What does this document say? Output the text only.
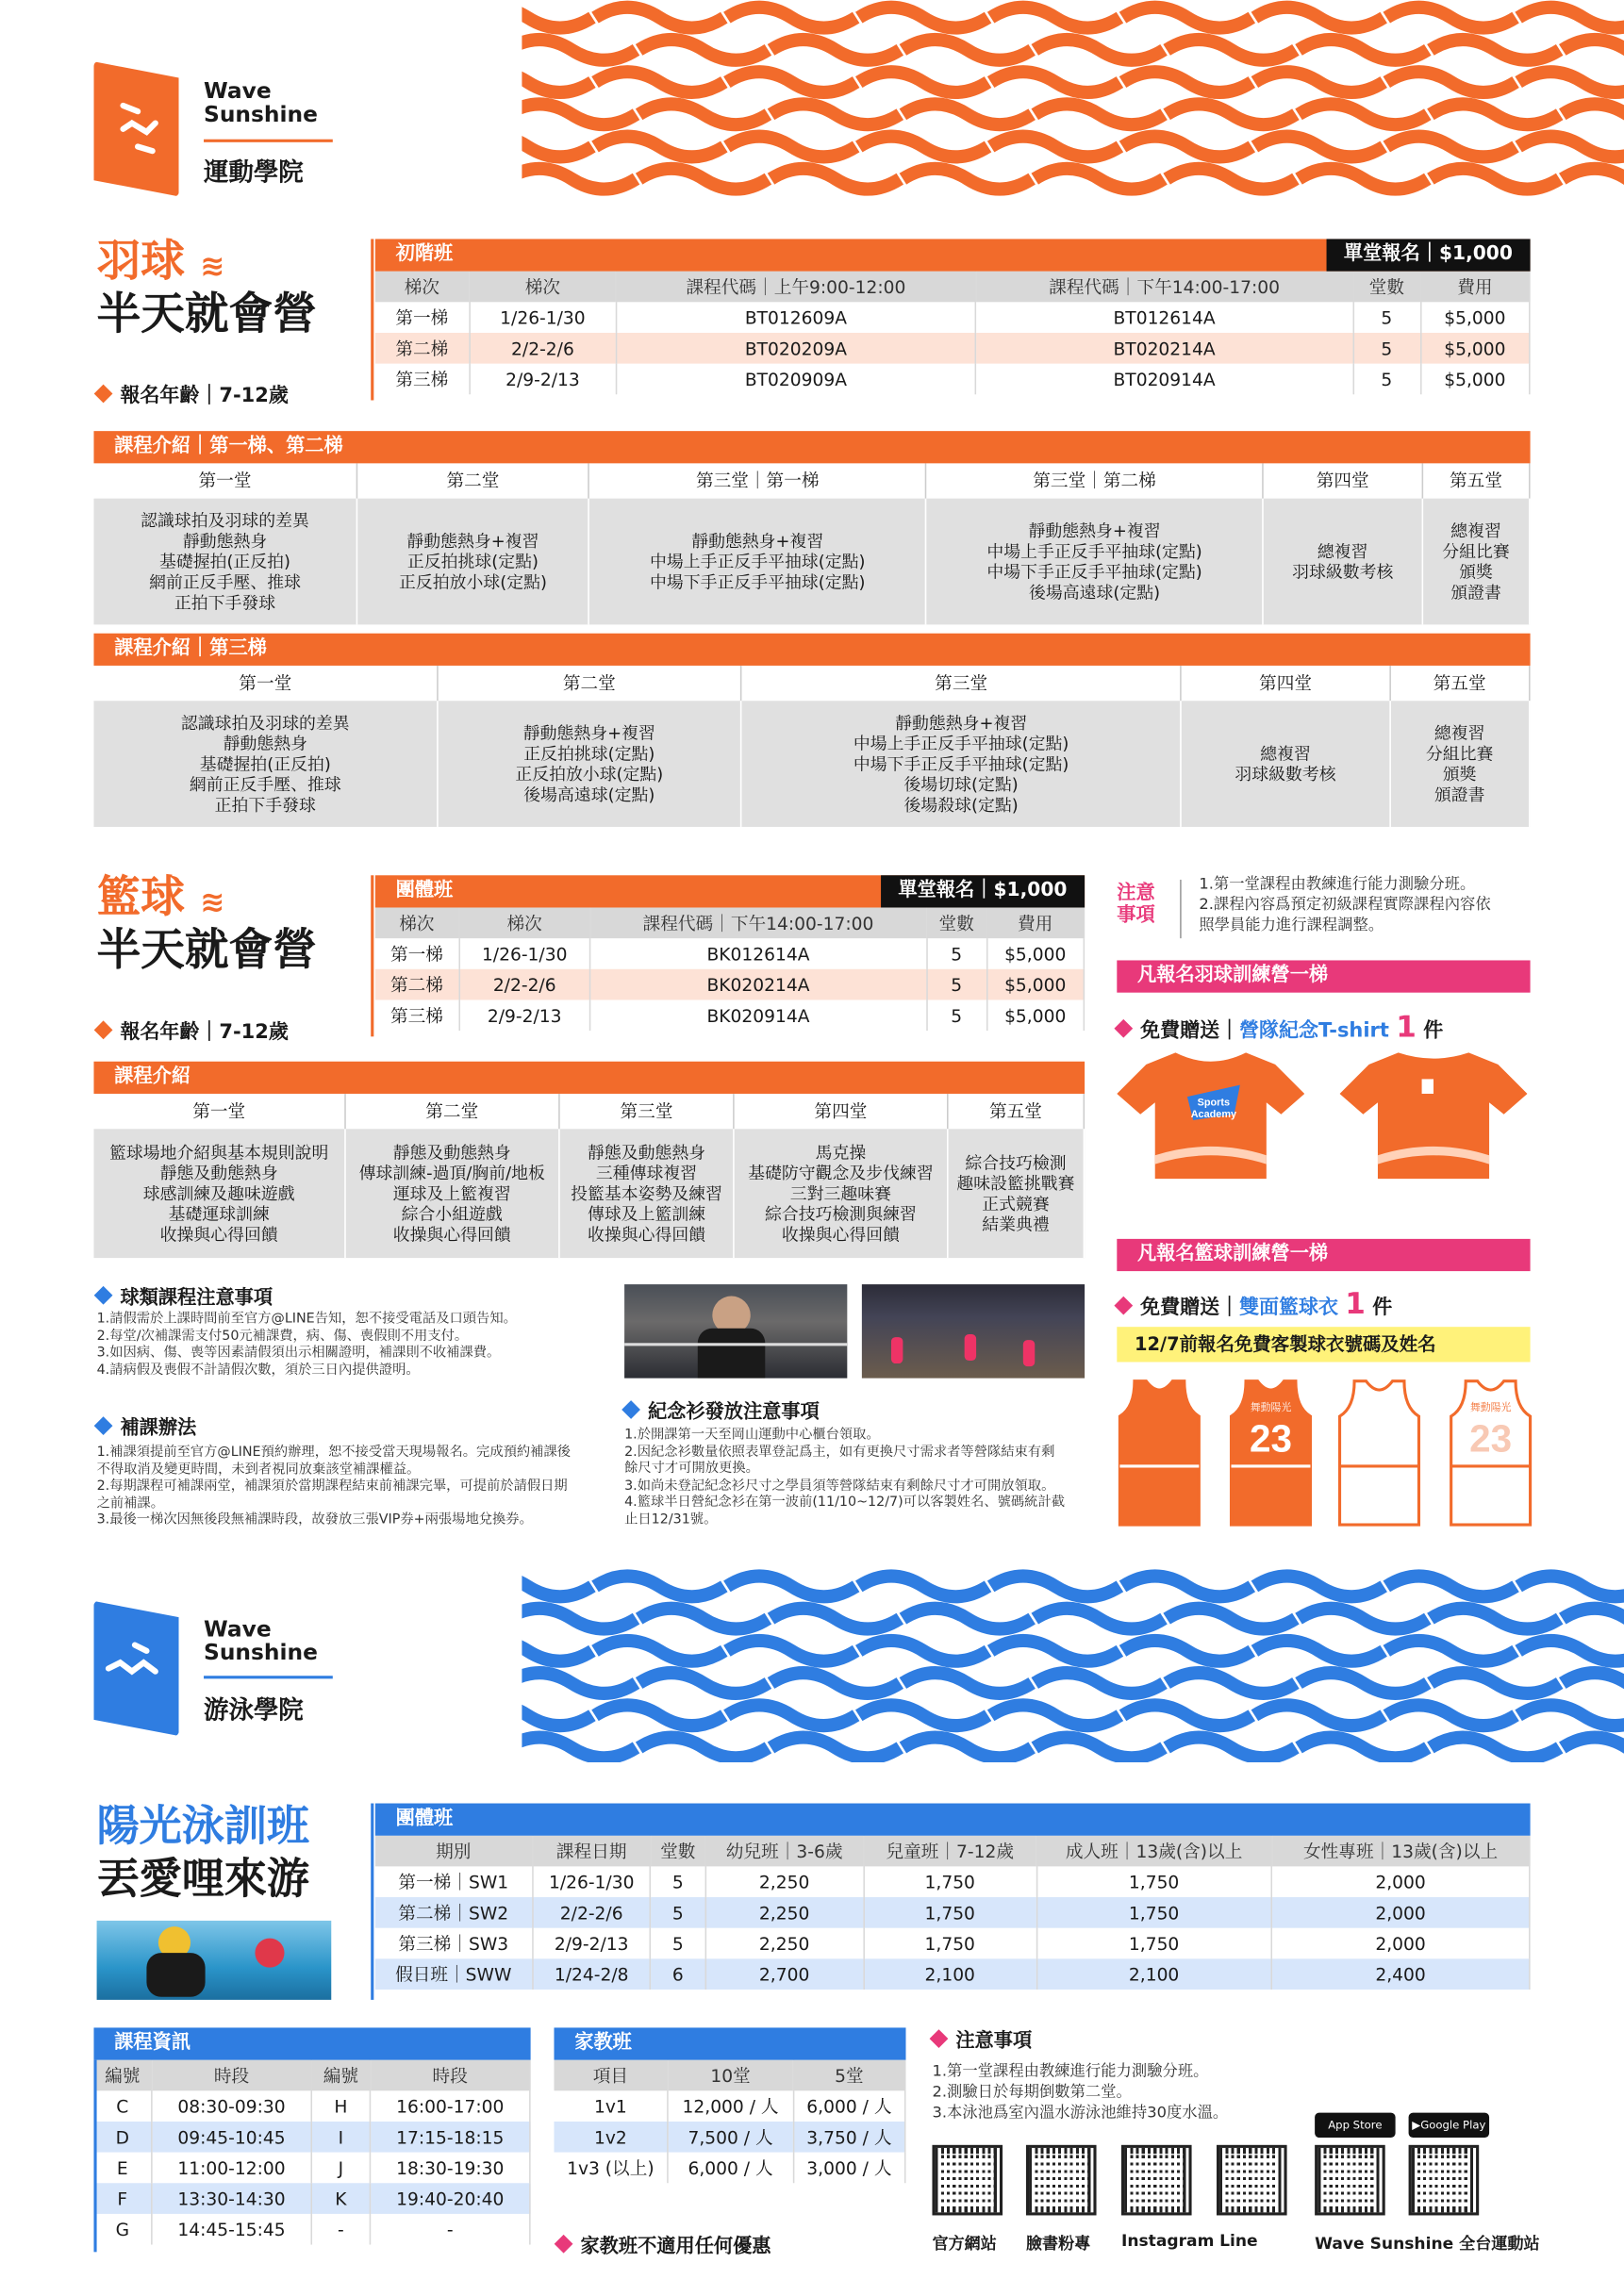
Wave
Sunshine
運動學院
羽球 ≋
半天就會營
報名年齡｜7-12歲
初階班	單堂報名｜$1,000
梯次	梯次	課程代碼｜上午9:00-12:00	課程代碼｜下午14:00-17:00	堂數	費用
第一梯	1/26-1/30	BT012609A	BT012614A	5	$5,000
第二梯	2/2-2/6	BT020209A	BT020214A	5	$5,000
第三梯	2/9-2/13	BT020909A	BT020914A	5	$5,000
課程介紹｜第一梯、第二梯
第一堂	第二堂	第三堂｜第一梯	第三堂｜第二梯	第四堂	第五堂
認識球拍及羽球的差異
靜動態熱身
基礎握拍(正反拍)
網前正反手壓、推球
正拍下手發球	靜動態熱身+複習
正反拍挑球(定點)
正反拍放小球(定點)	靜動態熱身+複習
中場上手正反手平抽球(定點)
中場下手正反手平抽球(定點)	靜動態熱身+複習
中場上手正反手平抽球(定點)
中場下手正反手平抽球(定點)
後場高遠球(定點)	總複習
羽球級數考核	總複習
分組比賽
頒獎
頒證書
課程介紹｜第三梯
第一堂	第二堂	第三堂	第四堂	第五堂
認識球拍及羽球的差異
靜動態熱身
基礎握拍(正反拍)
網前正反手壓、推球
正拍下手發球	靜動態熱身+複習
正反拍挑球(定點)
正反拍放小球(定點)
後場高遠球(定點)	靜動態熱身+複習
中場上手正反手平抽球(定點)
中場下手正反手平抽球(定點)
後場切球(定點)
後場殺球(定點)	總複習
羽球級數考核	總複習
分組比賽
頒獎
頒證書
籃球 ≋
半天就會營
報名年齡｜7-12歲
團體班	單堂報名｜$1,000
梯次	梯次	課程代碼｜下午14:00-17:00	堂數	費用
第一梯	1/26-1/30	BK012614A	5	$5,000
第二梯	2/2-2/6	BK020214A	5	$5,000
第三梯	2/9-2/13	BK020914A	5	$5,000
課程介紹
第一堂	第二堂	第三堂	第四堂	第五堂
籃球場地介紹與基本規則說明
靜態及動態熱身
球感訓練及趣味遊戲
基礎運球訓練
收操與心得回饋	靜態及動態熱身
傳球訓練-過頂/胸前/地板
運球及上籃複習
綜合小組遊戲
收操與心得回饋	靜態及動態熱身
三種傳球複習
投籃基本姿勢及練習
傳球及上籃訓練
收操與心得回饋	馬克操
基礎防守觀念及步伐練習
三對三趣味賽
綜合技巧檢測與練習
收操與心得回饋	綜合技巧檢測
趣味設籃挑戰賽
正式競賽
結業典禮
球類課程注意事項
1.請假需於上課時間前至官方@LINE告知，恕不接受電話及口頭告知。
2.每堂/次補課需支付50元補課費，病、傷、喪假則不用支付。
3.如因病、傷、喪等因素請假須出示相關證明，補課則不收補課費。
4.請病假及喪假不計請假次數，須於三日內提供證明。
補課辦法
1.補課須提前至官方@LINE預約辦理，恕不接受當天現場報名。完成預約補課後
不得取消及變更時間，未到者視同放棄該堂補課權益。
2.每期課程可補課兩堂，補課須於當期課程結束前補課完畢，可提前於請假日期
之前補課。
3.最後一梯次因無後段無補課時段，故發放三張VIP券+兩張場地兌換券。
紀念衫發放注意事項
1.於開課第一天至岡山運動中心櫃台領取。
2.因紀念衫數量依照表單登記爲主，如有更換尺寸需求者等營隊結束有剩
餘尺寸才可開放更換。
3.如尚未登記紀念衫尺寸之學員須等營隊結束有剩餘尺寸才可開放領取。
4.籃球半日營紀念衫在第一波前(11/10~12/7)可以客製姓名、號碼統計截
止日12/31號。
注意
事項
1.第一堂課程由教練進行能力測驗分班。
2.課程內容爲預定初級課程實際課程內容依
照學員能力進行課程調整。
凡報名羽球訓練營一梯
免費贈送｜營隊紀念T-shirt 1 件
Sports Academy
凡報名籃球訓練營一梯
免費贈送｜雙面籃球衣 1 件
12/7前報名免費客製球衣號碼及姓名
23
舞動陽光
23
舞動陽光
Wave
Sunshine
游泳學院
陽光泳訓班
丟愛哩來游
團體班
期別	課程日期	堂數	幼兒班｜3-6歲	兒童班｜7-12歲	成人班｜13歲(含)以上	女性專班｜13歲(含)以上
第一梯｜SW1	1/26-1/30	5	2,250	1,750	1,750	2,000
第二梯｜SW2	2/2-2/6	5	2,250	1,750	1,750	2,000
第三梯｜SW3	2/9-2/13	5	2,250	1,750	1,750	2,000
假日班｜SWW	1/24-2/8	6	2,700	2,100	2,100	2,400
課程資訊
編號	時段	編號	時段
C	08:30-09:30	H	16:00-17:00
D	09:45-10:45	I	17:15-18:15
E	11:00-12:00	J	18:30-19:30
F	13:30-14:30	K	19:40-20:40
G	14:45-15:45	-	-
家教班
項目	10堂	5堂
1v1	12,000 / 人	6,000 / 人
1v2	7,500 / 人	3,750 / 人
1v3 (以上)	6,000 / 人	3,000 / 人
家教班不適用任何優惠
注意事項
1.第一堂課程由教練進行能力測驗分班。
2.測驗日於每期倒數第二堂。
3.本泳池爲室內溫水游泳池維持30度水溫。
App Store	▶Google Play
官方網站	臉書粉專	Instagram Line	Wave Sunshine 全台運動站
